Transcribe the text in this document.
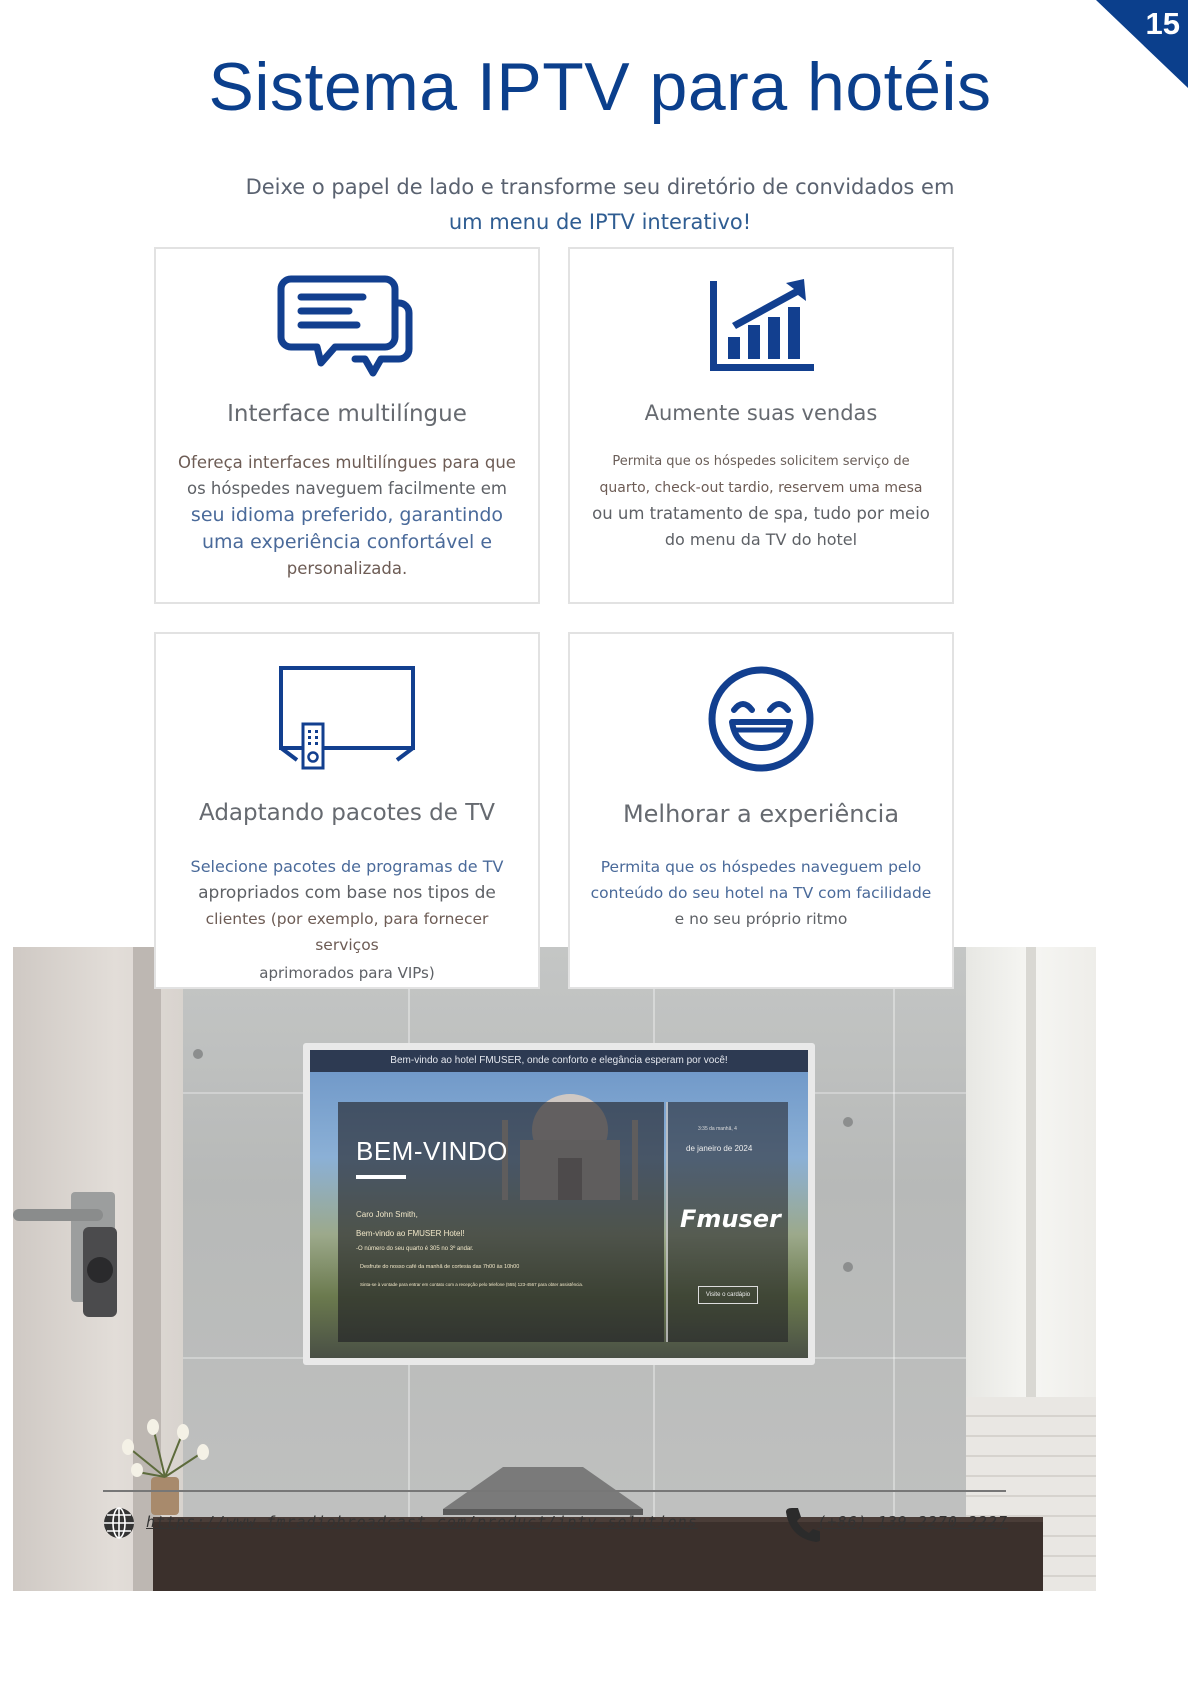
15
Sistema IPTV para hotéis
Deixe o papel de lado e transforme seu diretório de convidados em
um menu de IPTV interativo!
Bem-vindo ao hotel FMUSER, onde conforto e elegância esperam por você!
BEM-VINDO
Caro John Smith,
Bem-vindo ao FMUSER Hotel!
-O número do seu quarto é 305 no 3º andar.
Desfrute do nosso café da manhã de cortesia das 7h00 às 10h00
Sinta-se à vontade para entrar em contato com a recepção pelo telefone (555) 123-4567 para obter assistência.
3:35 da manhã, 4
de janeiro de 2024
Fmuser
Visite o cardápio
Interface multilíngue
Ofereça interfaces multilíngues para que
os hóspedes naveguem facilmente em
seu idioma preferido, garantindo
uma experiência confortável e
personalizada.
Aumente suas vendas
Permita que os hóspedes solicitem serviço de
quarto, check-out tardio, reservem uma mesa
ou um tratamento de spa, tudo por meio
do menu da TV do hotel
Adaptando pacotes de TV
Selecione pacotes de programas de TV
apropriados com base nos tipos de
clientes (por exemplo, para fornecer serviços
aprimorados para VIPs)
Melhorar a experiência
Permita que os hóspedes naveguem pelo
conteúdo do seu hotel na TV com facilidade
e no seu próprio ritmo
https://www.fmradiobroadcast.com/product/iptv-solutions	(+86) 139-2270-2227
